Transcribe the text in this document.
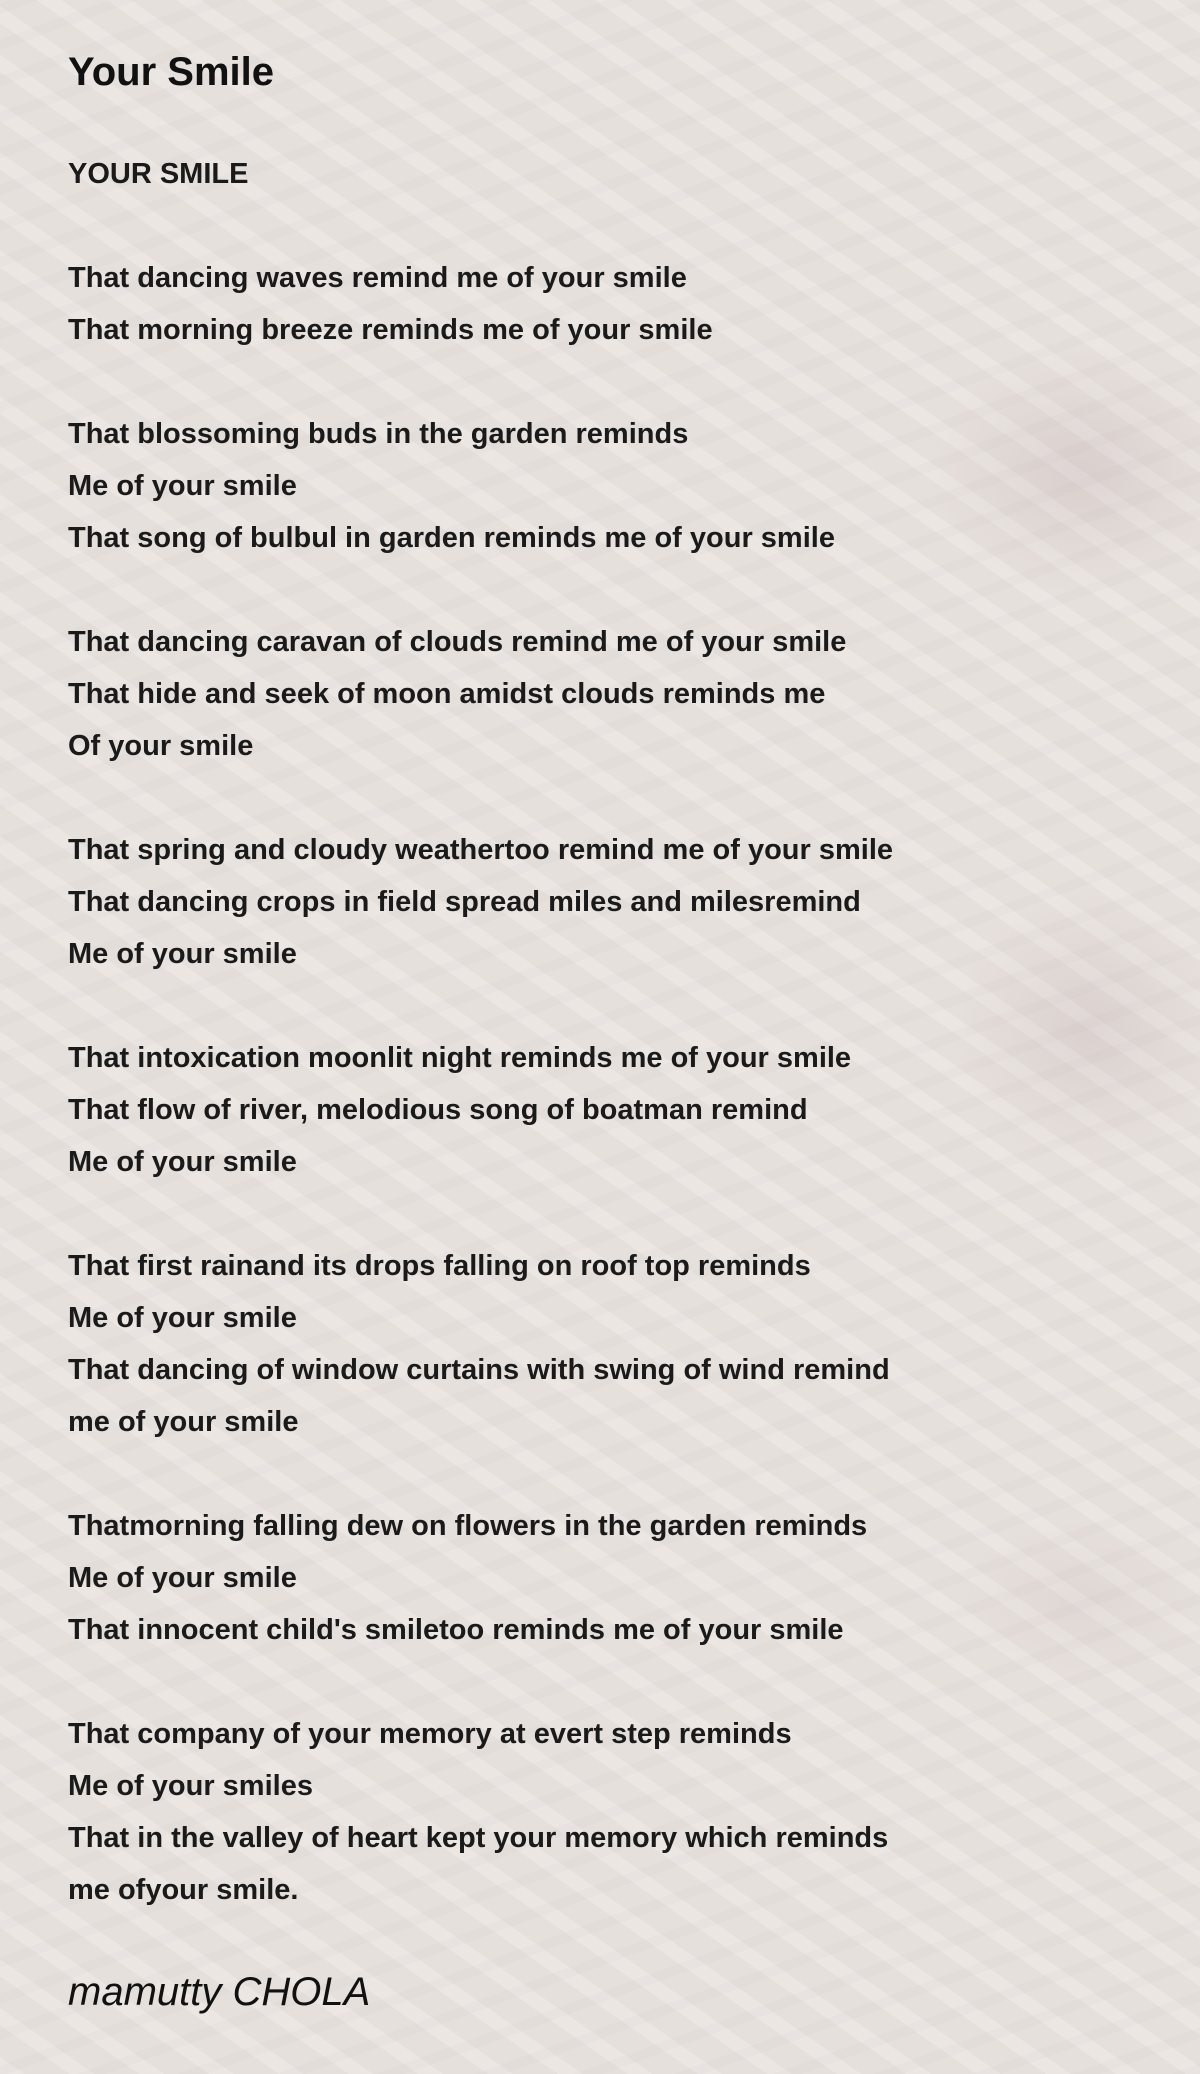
Your Smile
YOUR SMILE
That dancing waves remind me of your smile
That morning breeze reminds me of your smile
That blossoming buds in the garden reminds
Me of your smile
That song of bulbul in garden reminds me of your smile
That dancing caravan of clouds remind me of your smile
That hide and seek of moon amidst clouds reminds me
Of your smile
That spring and cloudy weathertoo remind me of your smile
That dancing crops in field spread miles and milesremind
Me of your smile
That intoxication moonlit night reminds me of your smile
That flow of river, melodious song of boatman remind
Me of your smile
That first rainand its drops falling on roof top reminds
Me of your smile
That dancing of window curtains with swing of wind remind
me of your smile
Thatmorning falling dew on flowers in the garden reminds
Me of your smile
That innocent child's smiletoo reminds me of your smile
That company of your memory at evert step reminds
Me of your smiles
That in the valley of heart kept your memory which reminds
me ofyour smile.
mamutty CHOLA
